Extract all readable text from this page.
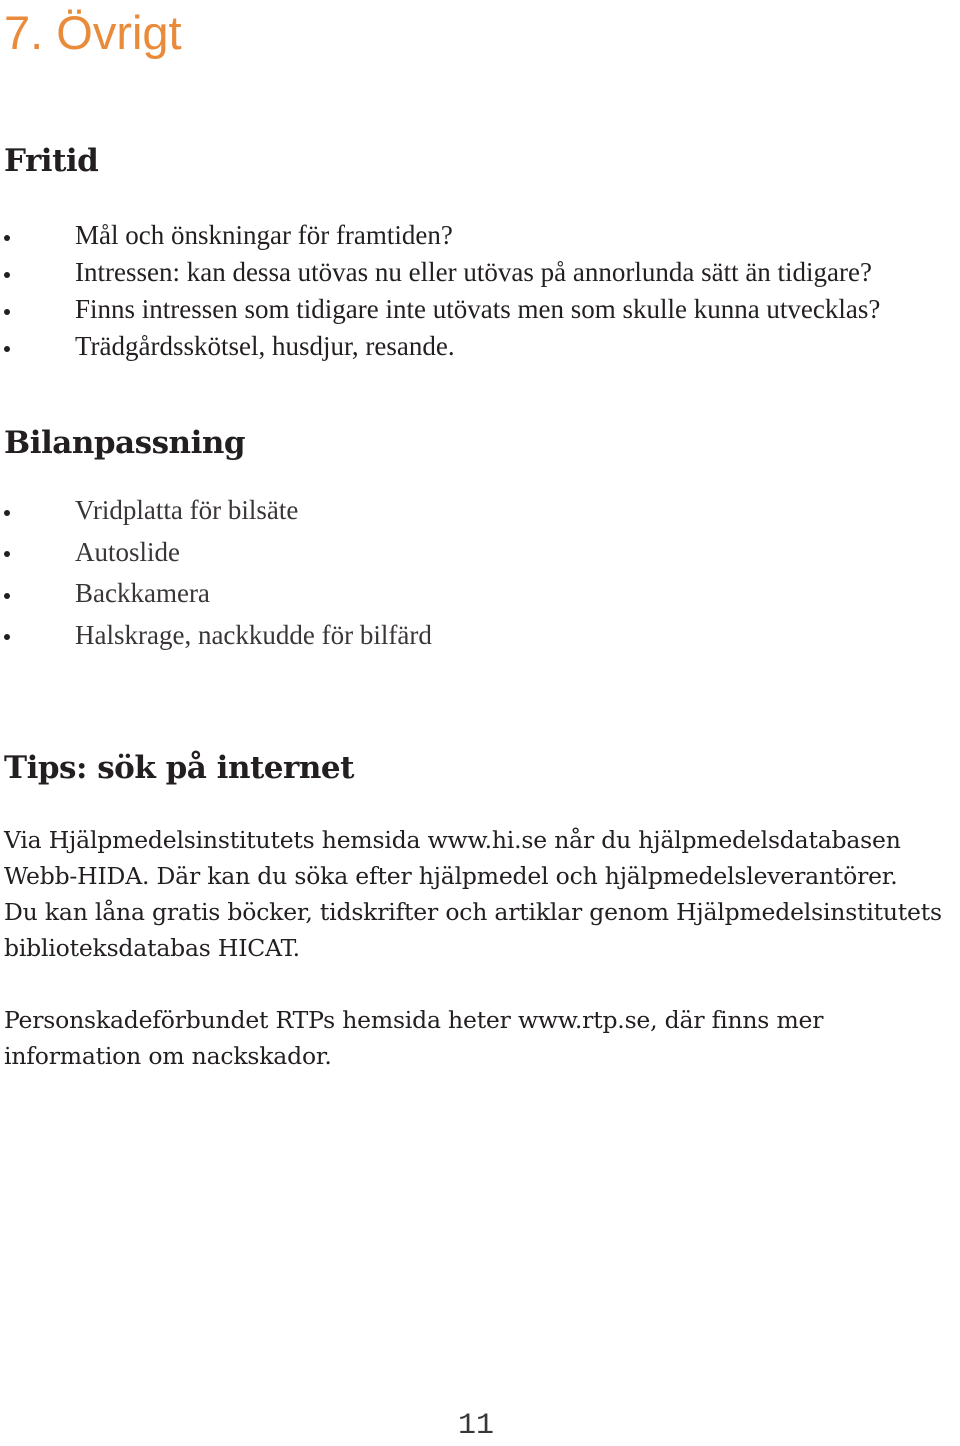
7. Övrigt
Fritid
Mål och önskningar för framtiden?
Intressen: kan dessa utövas nu eller utövas på annorlunda sätt än tidigare?
Finns intressen som tidigare inte utövats men som skulle kunna utvecklas?
Trädgårdsskötsel, husdjur, resande.
Bilanpassning
Vridplatta för bilsäte
Autoslide
Backkamera
Halskrage, nackkudde för bilfärd
Tips: sök på internet

Via Hjälpmedelsinstitutets hemsida www.hi.se når du hjälpmedelsdatabasen
Webb-HIDA. Där kan du söka efter hjälpmedel och hjälpmedelsleverantörer.
Du kan låna gratis böcker, tidskrifter och artiklar genom Hjälpmedelsinstitutets
biblioteksdatabas HICAT.

Personskadeförbundet RTPs hemsida heter www.rtp.se, där finns mer
information om nackskador.

11
